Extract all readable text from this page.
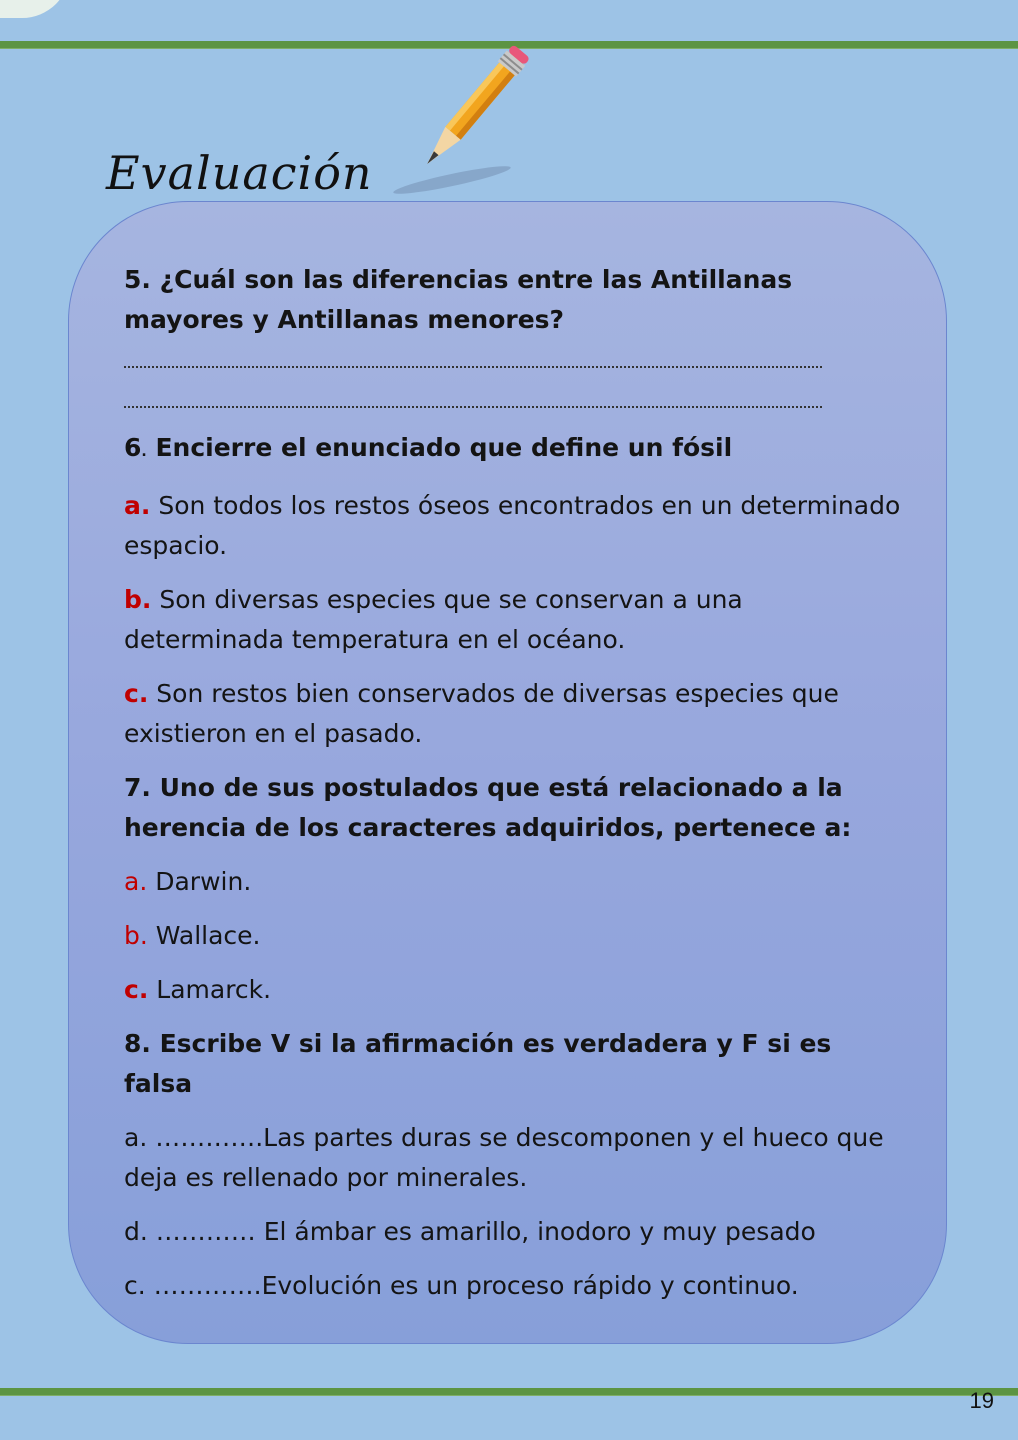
Evaluación

5. ¿Cuál son las diferencias entre las Antillanas mayores y Antillanas menores?

6. Encierre el enunciado que define un fósil

a. Son todos los restos óseos encontrados en un determinado espacio.

b. Son diversas especies que se conservan a una determinada temperatura en el océano.

c. Son restos bien conservados de diversas especies que existieron en el pasado.

7. Uno de sus postulados que está relacionado a la herencia de los caracteres adquiridos, pertenece a:

a. Darwin.

b. Wallace.

c. Lamarck.

8. Escribe V si la afirmación es verdadera y F si es falsa

a. ………….Las partes duras se descomponen y el hueco que deja es rellenado por minerales.

d. ………… El ámbar es amarillo, inodoro y muy pesado

c. ………….Evolución es un proceso rápido y continuo.

19
